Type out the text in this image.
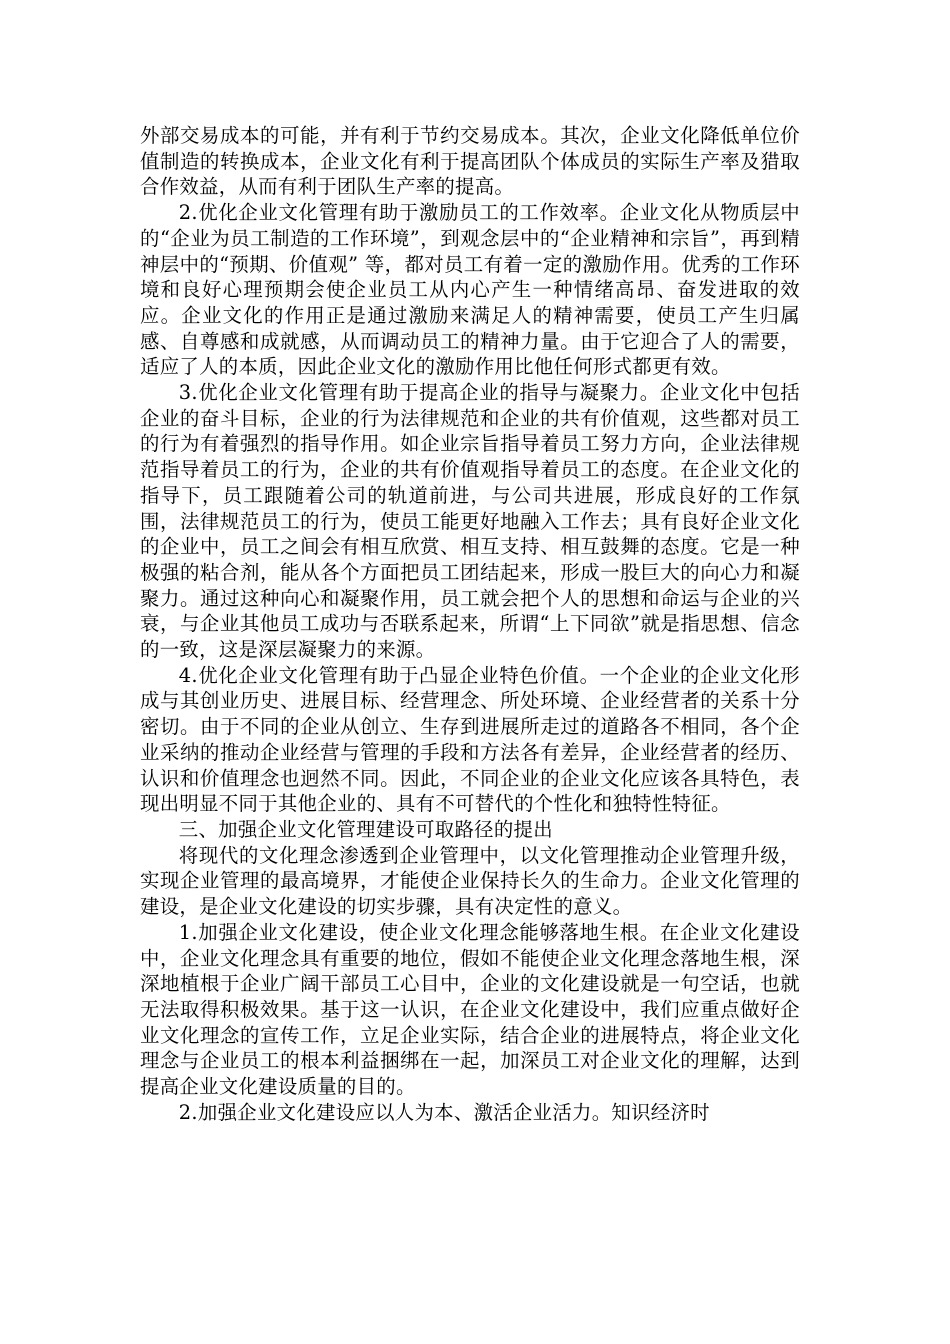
外部交易成本的可能，并有利于节约交易成本。其次，企业文化降低单位价值制造的转换成本，企业文化有利于提高团队个体成员的实际生产率及猎取合作效益，从而有利于团队生产率的提高。

2.优化企业文化管理有助于激励员工的工作效率。企业文化从物质层中的“企业为员工制造的工作环境”，到观念层中的“企业精神和宗旨”，再到精神层中的“预期、价值观” 等，都对员工有着一定的激励作用。优秀的工作环境和良好心理预期会使企业员工从内心产生一种情绪高昂、奋发进取的效应。企业文化的作用正是通过激励来满足人的精神需要，使员工产生归属感、自尊感和成就感，从而调动员工的精神力量。由于它迎合了人的需要，适应了人的本质，因此企业文化的激励作用比他任何形式都更有效。

3.优化企业文化管理有助于提高企业的指导与凝聚力。企业文化中包括企业的奋斗目标，企业的行为法律规范和企业的共有价值观，这些都对员工的行为有着强烈的指导作用。如企业宗旨指导着员工努力方向，企业法律规范指导着员工的行为，企业的共有价值观指导着员工的态度。在企业文化的指导下，员工跟随着公司的轨道前进，与公司共进展，形成良好的工作氛围，法律规范员工的行为，使员工能更好地融入工作去；具有良好企业文化的企业中，员工之间会有相互欣赏、相互支持、相互鼓舞的态度。它是一种极强的粘合剂，能从各个方面把员工团结起来，形成一股巨大的向心力和凝聚力。通过这种向心和凝聚作用，员工就会把个人的思想和命运与企业的兴衰，与企业其他员工成功与否联系起来，所谓“上下同欲”就是指思想、信念的一致，这是深层凝聚力的来源。

4.优化企业文化管理有助于凸显企业特色价值。一个企业的企业文化形成与其创业历史、进展目标、经营理念、所处环境、企业经营者的关系十分密切。由于不同的企业从创立、生存到进展所走过的道路各不相同，各个企业采纳的推动企业经营与管理的手段和方法各有差异，企业经营者的经历、认识和价值理念也迥然不同。因此，不同企业的企业文化应该各具特色，表现出明显不同于其他企业的、具有不可替代的个性化和独特性特征。

三、加强企业文化管理建设可取路径的提出

将现代的文化理念渗透到企业管理中，以文化管理推动企业管理升级，实现企业管理的最高境界，才能使企业保持长久的生命力。企业文化管理的建设，是企业文化建设的切实步骤，具有决定性的意义。

1.加强企业文化建设，使企业文化理念能够落地生根。在企业文化建设中，企业文化理念具有重要的地位，假如不能使企业文化理念落地生根，深深地植根于企业广阔干部员工心目中，企业的文化建设就是一句空话，也就无法取得积极效果。基于这一认识，在企业文化建设中，我们应重点做好企业文化理念的宣传工作，立足企业实际，结合企业的进展特点，将企业文化理念与企业员工的根本利益捆绑在一起，加深员工对企业文化的理解，达到提高企业文化建设质量的目的。

2.加强企业文化建设应以人为本、激活企业活力。知识经济时
